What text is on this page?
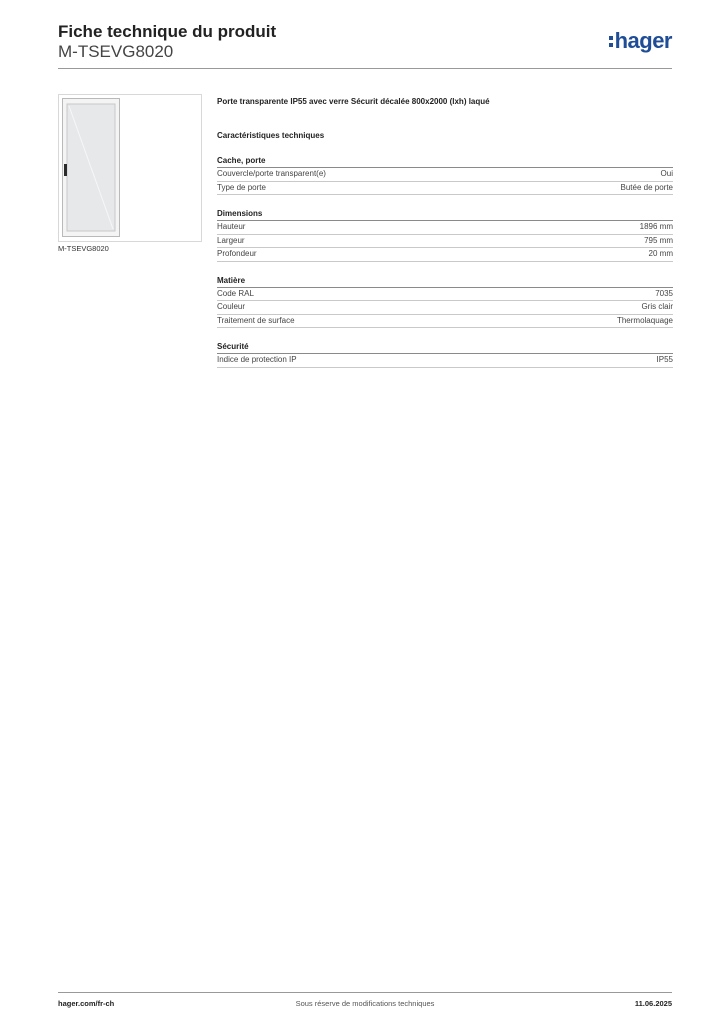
Fiche technique du produit
M-TSEVG8020	hager
M-TSEVG8020
Porte transparente IP55 avec verre Sécurit décalée 800x2000 (lxh) laqué
Caractéristiques techniques
Cache, porte
Couvercle/porte transparent(e)	Oui
Type de porte	Butée de porte
Dimensions
Hauteur	1896 mm
Largeur	795 mm
Profondeur	20 mm
Matière
Code RAL	7035
Couleur	Gris clair
Traitement de surface	Thermolaquage
Sécurité
Indice de protection IP	IP55
hager.com/fr-ch	Sous réserve de modifications techniques	11.06.2025
